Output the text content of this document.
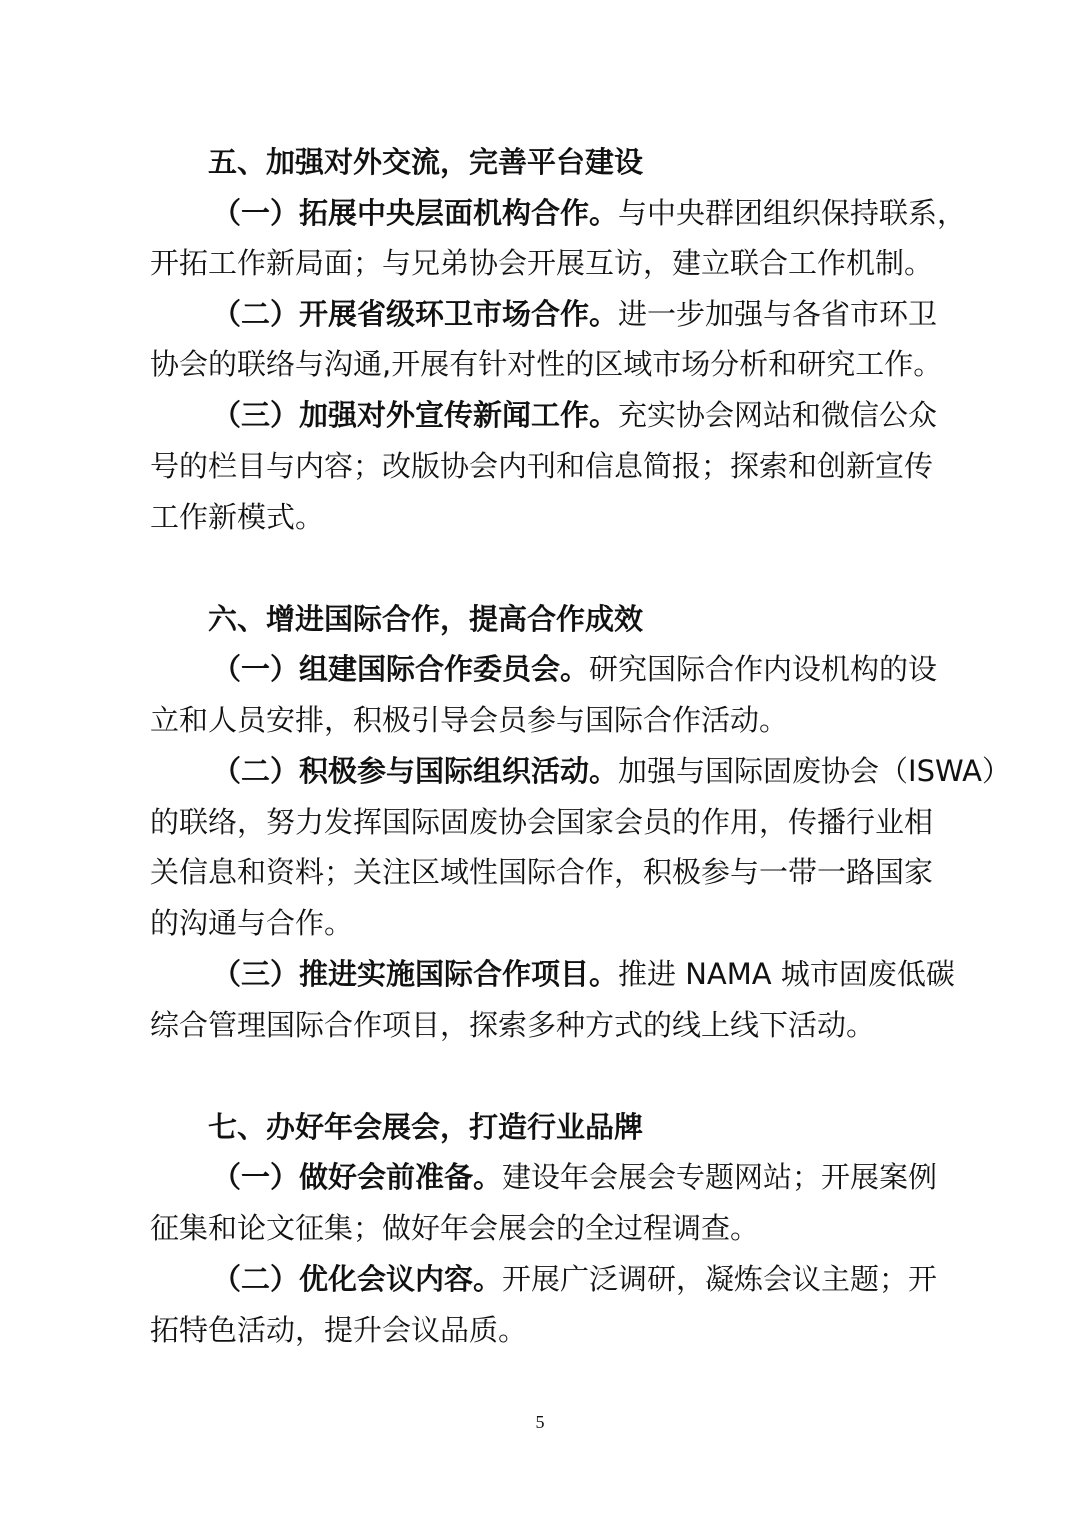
五、加强对外交流，完善平台建设
（一）拓展中央层面机构合作。与中央群团组织保持联系，
开拓工作新局面；与兄弟协会开展互访，建立联合工作机制。
（二）开展省级环卫市场合作。进一步加强与各省市环卫
协会的联络与沟通,开展有针对性的区域市场分析和研究工作。
（三）加强对外宣传新闻工作。充实协会网站和微信公众
号的栏目与内容；改版协会内刊和信息简报；探索和创新宣传
工作新模式。
六、增进国际合作，提高合作成效
（一）组建国际合作委员会。研究国际合作内设机构的设
立和人员安排，积极引导会员参与国际合作活动。
（二）积极参与国际组织活动。加强与国际固废协会（ISWA）
的联络，努力发挥国际固废协会国家会员的作用，传播行业相
关信息和资料；关注区域性国际合作，积极参与一带一路国家
的沟通与合作。
（三）推进实施国际合作项目。推进 NAMA 城市固废低碳
综合管理国际合作项目，探索多种方式的线上线下活动。
七、办好年会展会，打造行业品牌
（一）做好会前准备。建设年会展会专题网站；开展案例
征集和论文征集；做好年会展会的全过程调查。
（二）优化会议内容。开展广泛调研，凝炼会议主题；开
拓特色活动，提升会议品质。
5
